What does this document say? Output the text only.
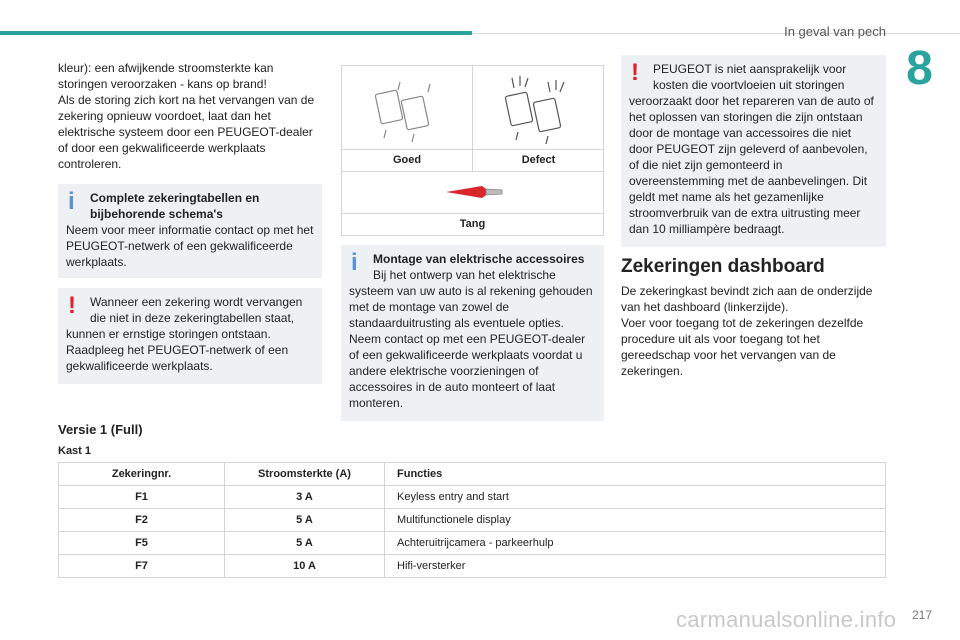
In geval van pech
8

kleur): een afwijkende stroomsterkte kan storingen veroorzaken - kans op brand!

Als de storing zich kort na het vervangen van de zekering opnieuw voordoet, laat dan het elektrische systeem door een PEUGEOT-dealer of door een gekwalificeerde werkplaats controleren.

i	Complete zekeringtabellen en bijbehorende schema's
Neem voor meer informatie contact op met het PEUGEOT-netwerk of een gekwalificeerde werkplaats.
!	Wanneer een zekering wordt vervangen die niet in deze zekeringtabellen staat,
kunnen er ernstige storingen ontstaan. Raadpleeg het PEUGEOT-netwerk of een gekwalificeerde werkplaats.
Goed	Defect
Tang
i	Montage van elektrische accessoires
Bij het ontwerp van het elektrische
systeem van uw auto is al rekening gehouden met de montage van zowel de standaarduitrusting als eventuele opties. Neem contact op met een PEUGEOT-dealer of een gekwalificeerde werkplaats voordat u andere elektrische voorzieningen of accessoires in de auto monteert of laat monteren.
!	PEUGEOT is niet aansprakelijk voor kosten die voortvloeien uit storingen
veroorzaakt door het repareren van de auto of het oplossen van storingen die zijn ontstaan door de montage van accessoires die niet door PEUGEOT zijn geleverd of aanbevolen, of die niet zijn gemonteerd in overeenstemming met de aanbevelingen. Dit geldt met name als het gezamenlijke stroomverbruik van de extra uitrusting meer dan 10 milliampère bedraagt.
Zekeringen dashboard

De zekeringkast bevindt zich aan de onderzijde van het dashboard (linkerzijde).

Voer voor toegang tot de zekeringen dezelfde procedure uit als voor toegang tot het gereedschap voor het vervangen van de zekeringen.

Versie 1 (Full)
Kast 1
Zekeringnr.	Stroomsterkte (A)	Functies
F1	3 A	Keyless entry and start
F2	5 A	Multifunctionele display
F5	5 A	Achteruitrijcamera - parkeerhulp
F7	10 A	Hifi-versterker
carmanualsonline.info 217
